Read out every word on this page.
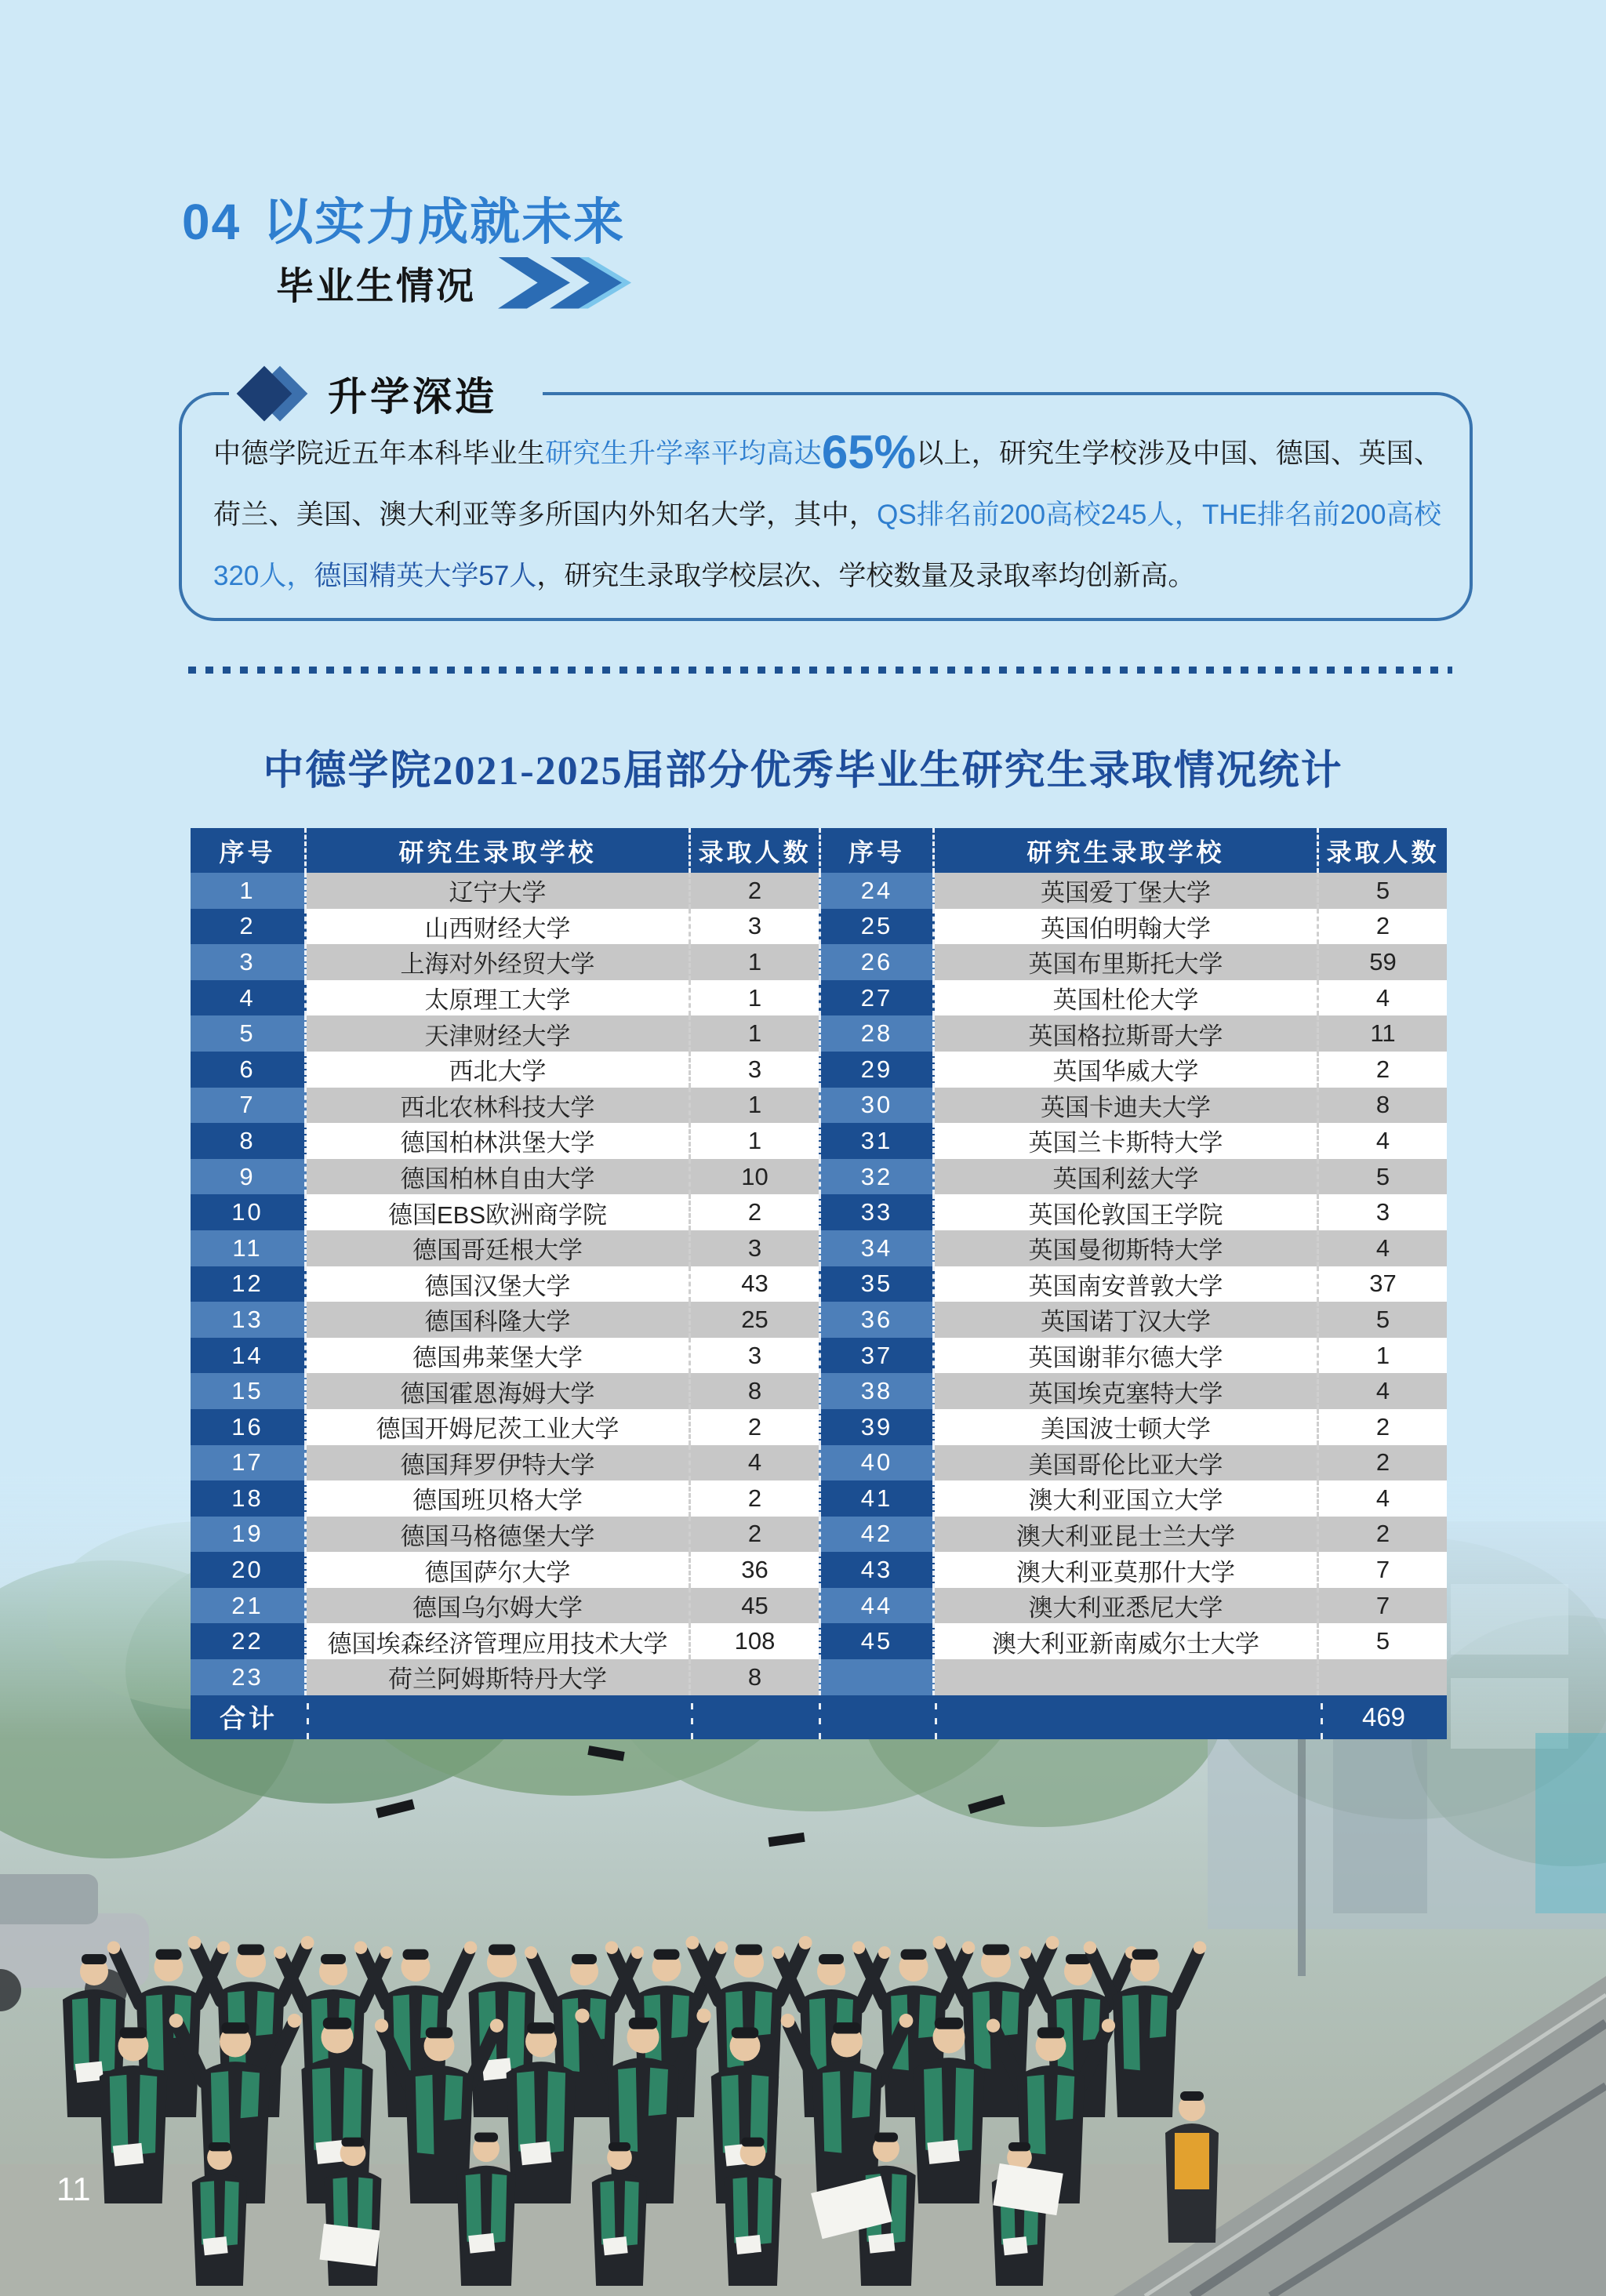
04 以实力成就未来
毕业生情况
升学深造
中德学院近五年本科毕业生研究生升学率平均高达65%以上，研究生学校涉及中国、德国、英国、荷兰、美国、澳大利亚等多所国内外知名大学，其中，QS排名前200高校245人，THE排名前200高校320人，德国精英大学57人，研究生录取学校层次、学校数量及录取率均创新高。
中德学院2021-2025届部分优秀毕业生研究生录取情况统计
序号	研究生录取学校	录取人数
1	辽宁大学	2
2	山西财经大学	3
3	上海对外经贸大学	1
4	太原理工大学	1
5	天津财经大学	1
6	西北大学	3
7	西北农林科技大学	1
8	德国柏林洪堡大学	1
9	德国柏林自由大学	10
10	德国EBS欧洲商学院	2
11	德国哥廷根大学	3
12	德国汉堡大学	43
13	德国科隆大学	25
14	德国弗莱堡大学	3
15	德国霍恩海姆大学	8
16	德国开姆尼茨工业大学	2
17	德国拜罗伊特大学	4
18	德国班贝格大学	2
19	德国马格德堡大学	2
20	德国萨尔大学	36
21	德国乌尔姆大学	45
22	德国埃森经济管理应用技术大学	108
23	荷兰阿姆斯特丹大学	8
序号	研究生录取学校	录取人数
24	英国爱丁堡大学	5
25	英国伯明翰大学	2
26	英国布里斯托大学	59
27	英国杜伦大学	4
28	英国格拉斯哥大学	11
29	英国华威大学	2
30	英国卡迪夫大学	8
31	英国兰卡斯特大学	4
32	英国利兹大学	5
33	英国伦敦国王学院	3
34	英国曼彻斯特大学	4
35	英国南安普敦大学	37
36	英国诺丁汉大学	5
37	英国谢菲尔德大学	1
38	英国埃克塞特大学	4
39	美国波士顿大学	2
40	美国哥伦比亚大学	2
41	澳大利亚国立大学	4
42	澳大利亚昆士兰大学	2
43	澳大利亚莫那什大学	7
44	澳大利亚悉尼大学	7
45	澳大利亚新南威尔士大学	5
合计	469
11
